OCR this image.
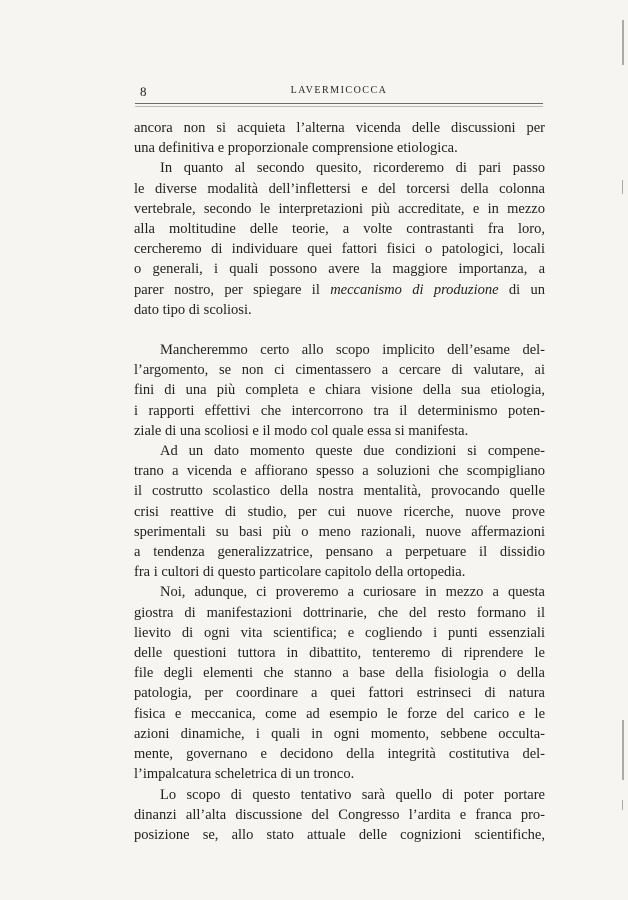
8	LAVERMICOCCA

ancora non si acquieta l’alterna vicenda delle discussioni per
una definitiva e proporzionale comprensione etiologica.

In quanto al secondo quesito, ricorderemo di pari passo
le diverse modalità dell’inflettersi e del torcersi della colonna
vertebrale, secondo le interpretazioni più accreditate, e in mezzo
alla moltitudine delle teorie, a volte contrastanti fra loro,
cercheremo di individuare quei fattori fisici o patologici, locali
o generali, i quali possono avere la maggiore importanza, a
parer nostro, per spiegare il meccanismo di produzione di un
dato tipo di scoliosi.

Mancheremmo certo allo scopo implicito dell’esame del-
l’argomento, se non ci cimentassero a cercare di valutare, ai
fini di una più completa e chiara visione della sua etiologia,
i rapporti effettivi che intercorrono tra il determinismo poten-
ziale di una scoliosi e il modo col quale essa si manifesta.

Ad un dato momento queste due condizioni si compene-
trano a vicenda e affiorano spesso a soluzioni che scompigliano
il costrutto scolastico della nostra mentalità, provocando quelle
crisi reattive di studio, per cui nuove ricerche, nuove prove
sperimentali su basi più o meno razionali, nuove affermazioni
a tendenza generalizzatrice, pensano a perpetuare il dissidio
fra i cultori di questo particolare capitolo della ortopedia.

Noi, adunque, ci proveremo a curiosare in mezzo a questa
giostra di manifestazioni dottrinarie, che del resto formano il
lievito di ogni vita scientifica; e cogliendo i punti essenziali
delle questioni tuttora in dibattito, tenteremo di riprendere le
file degli elementi che stanno a base della fisiologia o della
patologia, per coordinare a quei fattori estrinseci di natura
fisica e meccanica, come ad esempio le forze del carico e le
azioni dinamiche, i quali in ogni momento, sebbene occulta-
mente, governano e decidono della integrità costitutiva del-
l’impalcatura scheletrica di un tronco.

Lo scopo di questo tentativo sarà quello di poter portare
dinanzi all’alta discussione del Congresso l’ardita e franca pro-
posizione se, allo stato attuale delle cognizioni scientifiche,
